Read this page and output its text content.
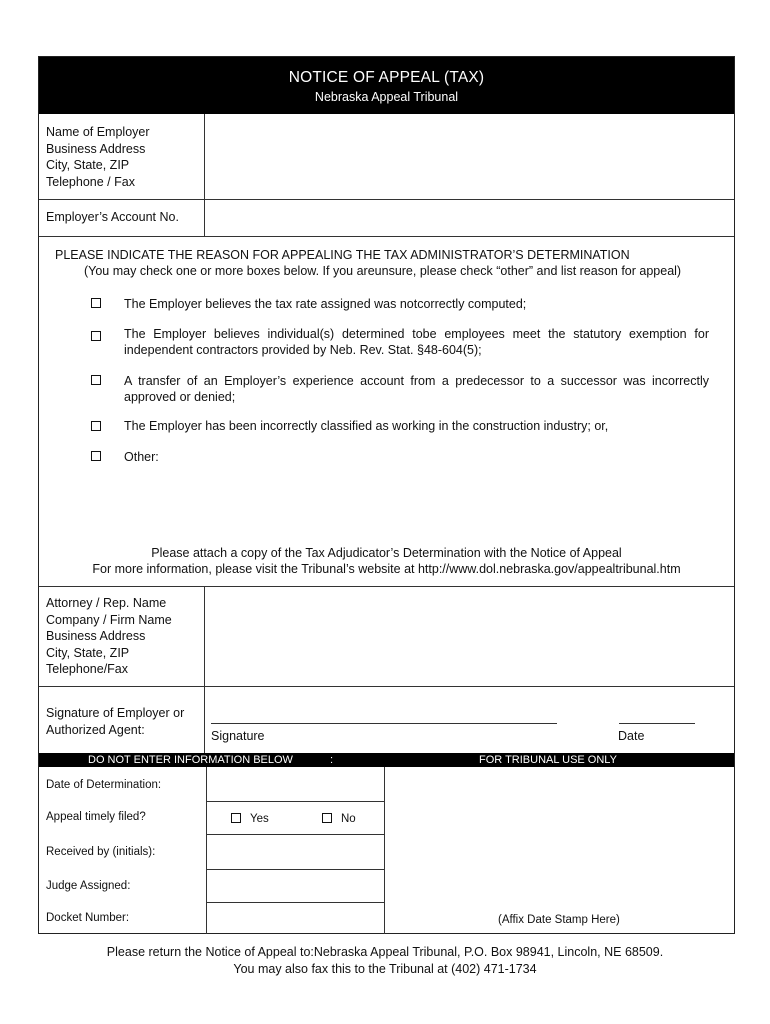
NOTICE OF APPEAL (TAX)
Nebraska Appeal Tribunal
Name of Employer
Business Address
City, State, ZIP
Telephone / Fax
Employer’s Account No.
PLEASE INDICATE THE REASON FOR APPEALING THE TAX ADMINISTRATOR’S DETERMINATION
(You may check one or more boxes below. If you areunsure, please check “other” and list reason for appeal)
The Employer believes the tax rate assigned was notcorrectly computed;
The Employer believes individual(s) determined tobe employees meet the statutory exemption for
independent contractors provided by Neb. Rev. Stat. §48-604(5);
A transfer of an Employer’s experience account from a predecessor to a successor was incorrectly
approved or denied;
The Employer has been incorrectly classified as working in the construction industry; or,
Other:
Please attach a copy of the Tax Adjudicator’s Determination with the Notice of Appeal
For more information, please visit the Tribunal’s website at http://www.dol.nebraska.gov/appealtribunal.htm
Attorney / Rep. Name
Company / Firm Name
Business Address
City, State, ZIP
Telephone/Fax
Signature of Employer or
Authorized Agent:	Signature	Date
DO NOT ENTER INFORMATION BELOW	:	FOR TRIBUNAL USE ONLY
Date of Determination:
Appeal timely filed?	Yes	No
Received by (initials):
Judge Assigned:
Docket Number:	(Affix Date Stamp Here)
Please return the Notice of Appeal to:Nebraska Appeal Tribunal, P.O. Box 98941, Lincoln, NE 68509.
You may also fax this to the Tribunal at (402) 471-1734
